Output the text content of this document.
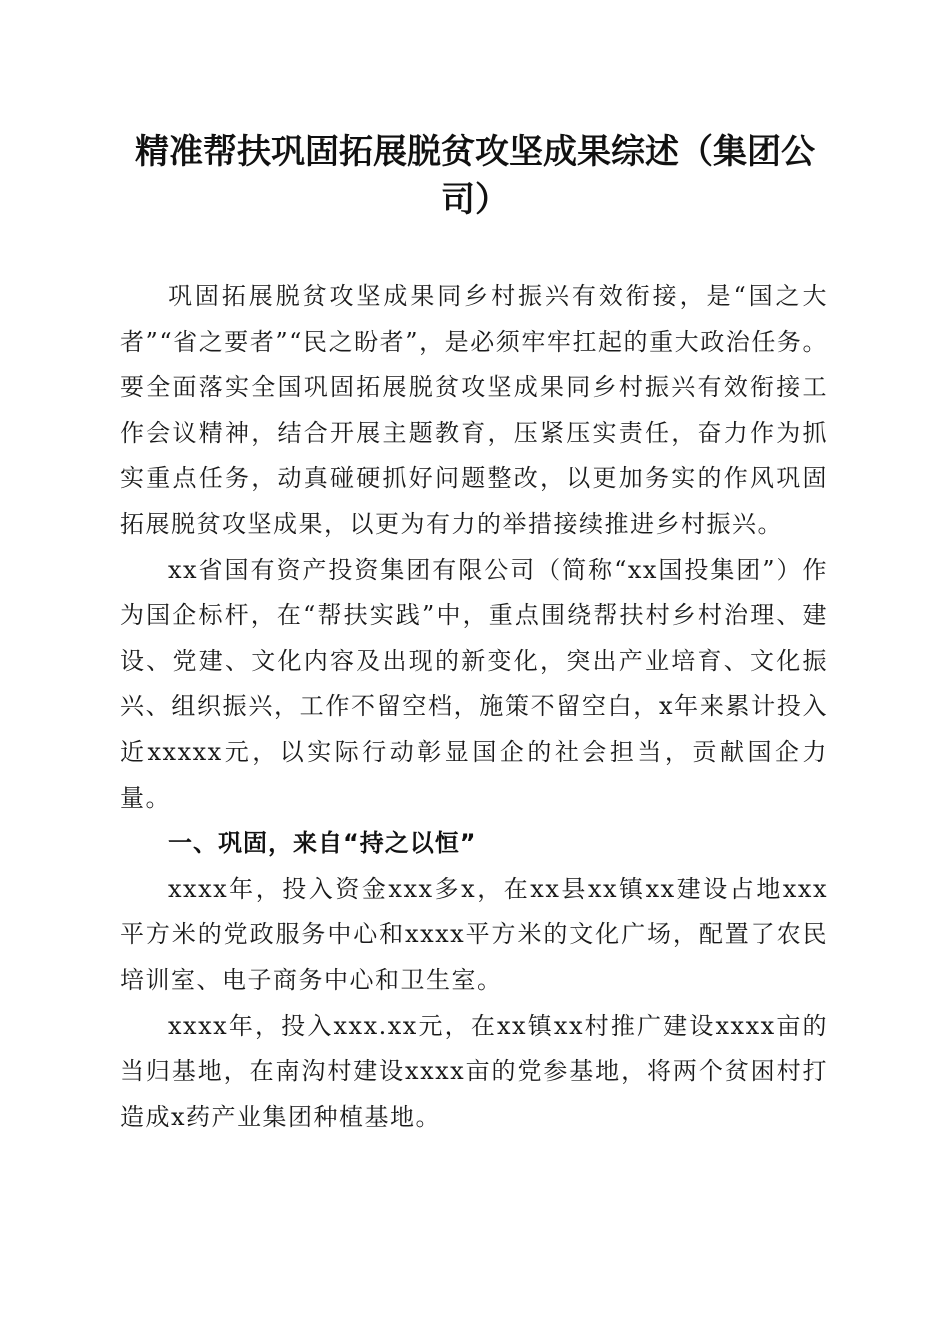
精准帮扶巩固拓展脱贫攻坚成果综述（集团公司）

巩固拓展脱贫攻坚成果同乡村振兴有效衔接，是“国之大者”“省之要者”“民之盼者”，是必须牢牢扛起的重大政治任务。要全面落实全国巩固拓展脱贫攻坚成果同乡村振兴有效衔接工作会议精神，结合开展主题教育，压紧压实责任，奋力作为抓实重点任务，动真碰硬抓好问题整改，以更加务实的作风巩固拓展脱贫攻坚成果，以更为有力的举措接续推进乡村振兴。

xx省国有资产投资集团有限公司（简称“xx国投集团”）作为国企标杆，在“帮扶实践”中，重点围绕帮扶村乡村治理、建设、党建、文化内容及出现的新变化，突出产业培育、文化振兴、组织振兴，工作不留空档，施策不留空白，x年来累计投入近xxxxx元，以实际行动彰显国企的社会担当，贡献国企力量。

一、巩固，来自“持之以恒”

xxxx年，投入资金xxx多x，在xx县xx镇xx建设占地xxx平方米的党政服务中心和xxxx平方米的文化广场，配置了农民培训室、电子商务中心和卫生室。

xxxx年，投入xxx.xx元，在xx镇xx村推广建设xxxx亩的当归基地，在南沟村建设xxxx亩的党参基地，将两个贫困村打造成x药产业集团种植基地。
